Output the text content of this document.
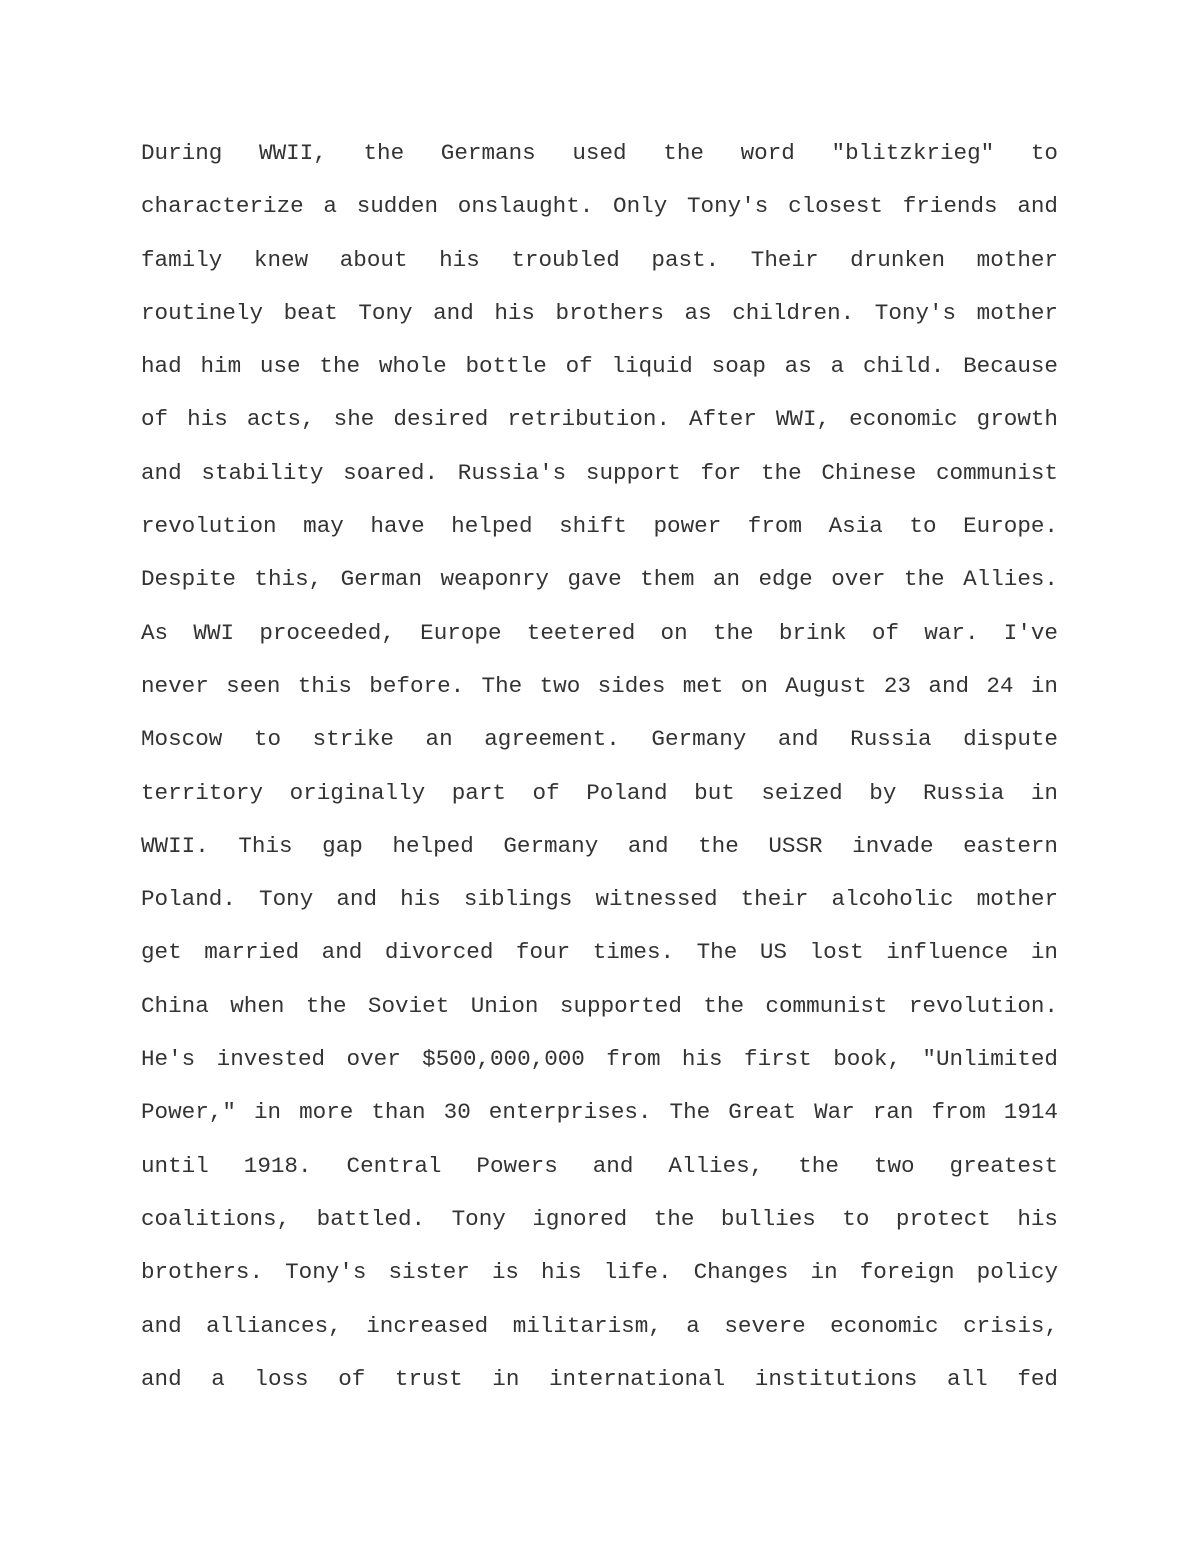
During WWII, the Germans used the word "blitzkrieg" to
characterize a sudden onslaught. Only Tony's closest friends and
family knew about his troubled past. Their drunken mother
routinely beat Tony and his brothers as children. Tony's mother
had him use the whole bottle of liquid soap as a child. Because
of his acts, she desired retribution. After WWI, economic growth
and stability soared. Russia's support for the Chinese communist
revolution may have helped shift power from Asia to Europe.
Despite this, German weaponry gave them an edge over the Allies.
As WWI proceeded, Europe teetered on the brink of war. I've
never seen this before. The two sides met on August 23 and 24 in
Moscow to strike an agreement. Germany and Russia dispute
territory originally part of Poland but seized by Russia in
WWII. This gap helped Germany and the USSR invade eastern
Poland. Tony and his siblings witnessed their alcoholic mother
get married and divorced four times. The US lost influence in
China when the Soviet Union supported the communist revolution.
He's invested over $500,000,000 from his first book, "Unlimited
Power," in more than 30 enterprises. The Great War ran from 1914
until 1918. Central Powers and Allies, the two greatest
coalitions, battled. Tony ignored the bullies to protect his
brothers. Tony's sister is his life. Changes in foreign policy
and alliances, increased militarism, a severe economic crisis,
and a loss of trust in international institutions all fed
